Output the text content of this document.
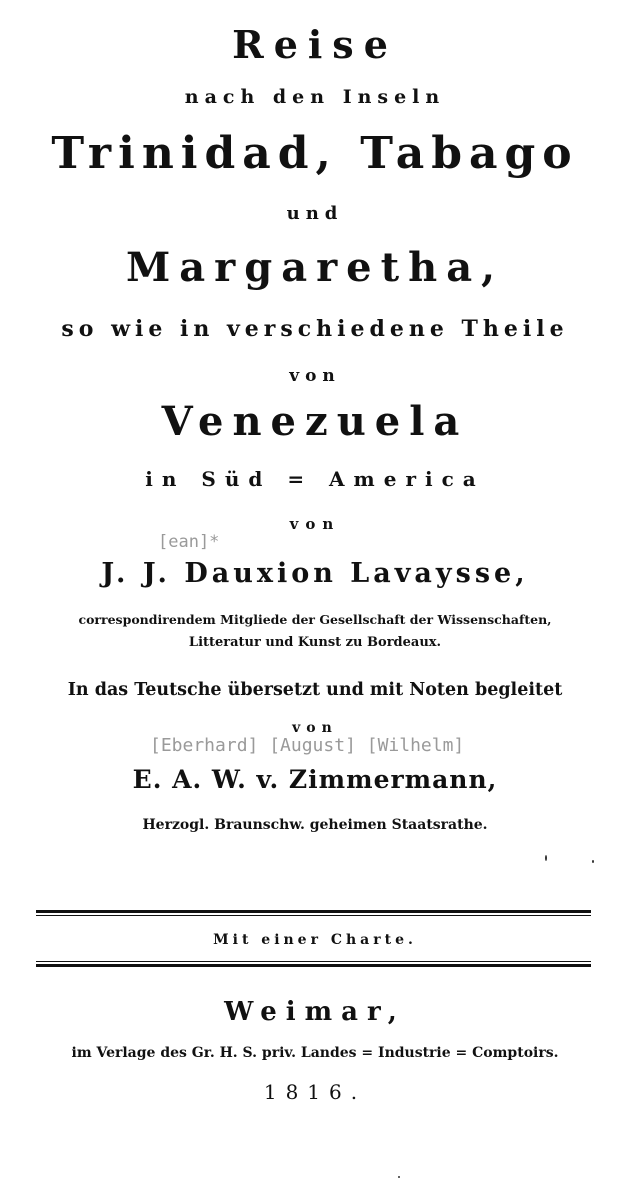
Reise
nach den Inseln
Trinidad, Tabago
und
Margaretha,
so wie in verschiedene Theile
von
Venezuela
in Süd = America
von
[ean]*
J. J. Dauxion Lavaysse,
correspondirendem Mitgliede der Gesellschaft der Wissenschaften,
Litteratur und Kunst zu Bordeaux.
In das Teutsche übersetzt und mit Noten begleitet
von
[Eberhard] [August] [Wilhelm]
E. A. W. v. Zimmermann,
Herzogl. Braunschw. geheimen Staatsrathe.
Mit einer Charte.
Weimar,
im Verlage des Gr. H. S. priv. Landes = Industrie = Comptoirs.
1816.
